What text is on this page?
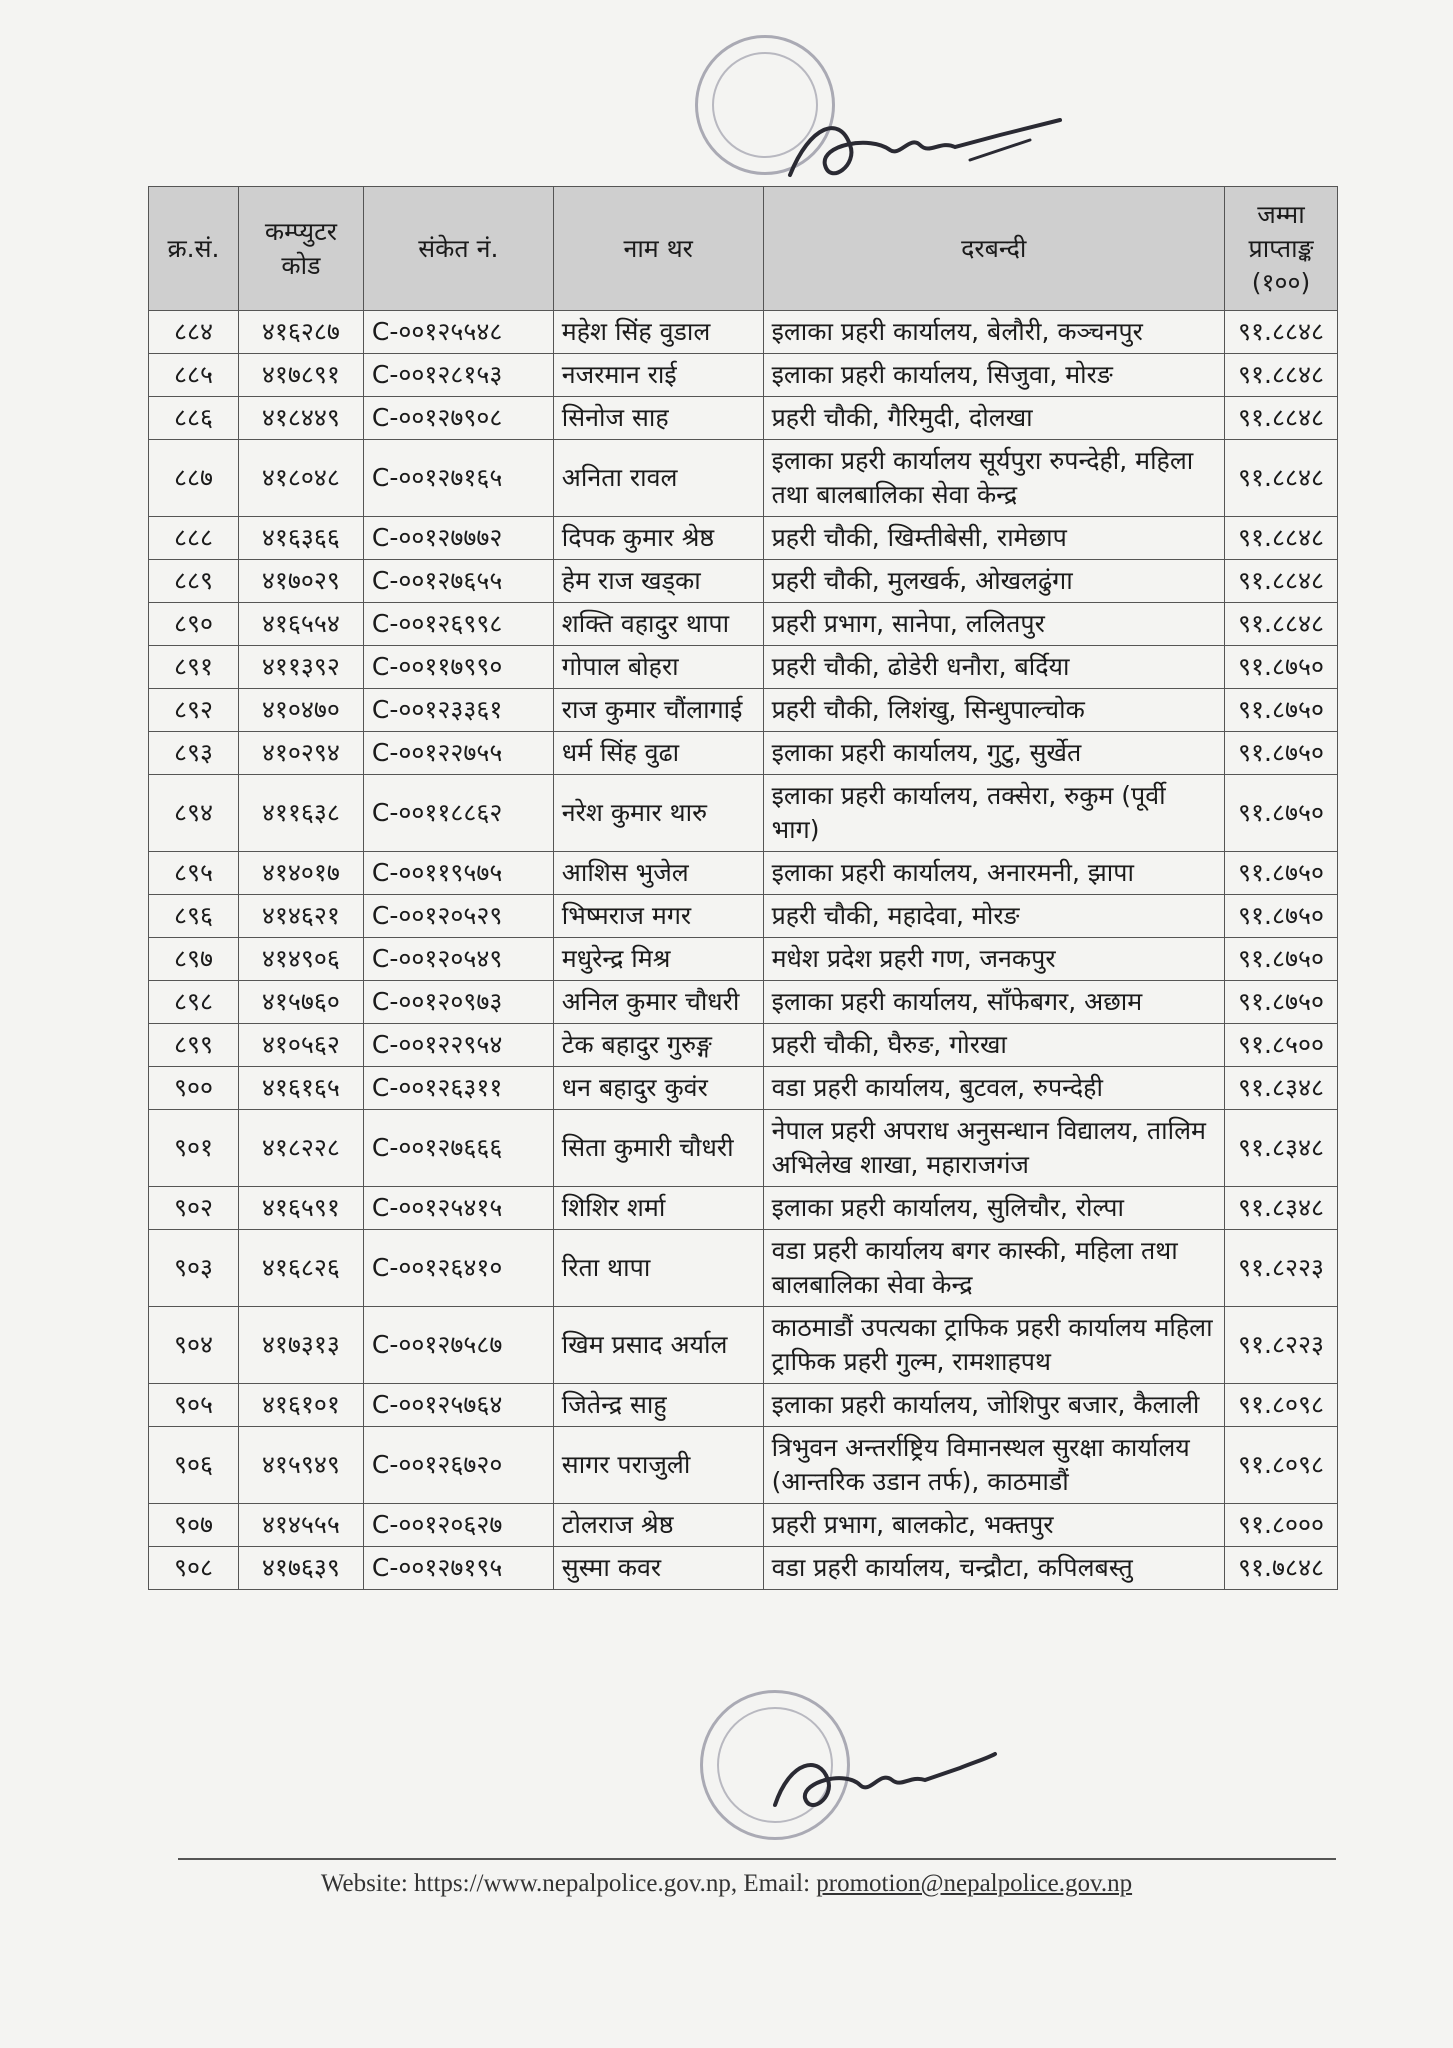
क्र.सं.	कम्प्युटर कोड	संकेत नं.	नाम थर	दरबन्दी	जम्मा प्राप्ताङ्क (१००)
८८४	४१६२८७	C-००१२५५४८	महेश सिंह वुडाल	इलाका प्रहरी कार्यालय, बेलौरी, कञ्चनपुर	९१.८८४८
८८५	४१७८९१	C-००१२८१५३	नजरमान राई	इलाका प्रहरी कार्यालय, सिजुवा, मोरङ	९१.८८४८
८८६	४१८४४९	C-००१२७९०८	सिनोज साह	प्रहरी चौकी, गैरिमुदी, दोलखा	९१.८८४८
८८७	४१८०४८	C-००१२७१६५	अनिता रावल	इलाका प्रहरी कार्यालय सूर्यपुरा रुपन्देही, महिला तथा बालबालिका सेवा केन्द्र	९१.८८४८
८८८	४१६३६६	C-००१२७७७२	दिपक कुमार श्रेष्ठ	प्रहरी चौकी, खिम्तीबेसी, रामेछाप	९१.८८४८
८८९	४१७०२९	C-००१२७६५५	हेम राज खड्का	प्रहरी चौकी, मुलखर्क, ओखलढुंगा	९१.८८४८
८९०	४१६५५४	C-००१२६९९८	शक्ति वहादुर थापा	प्रहरी प्रभाग, सानेपा, ललितपुर	९१.८८४८
८९१	४११३९२	C-००११७९९०	गोपाल बोहरा	प्रहरी चौकी, ढोडेरी धनौरा, बर्दिया	९१.८७५०
८९२	४१०४७०	C-००१२३३६१	राज कुमार चौंलागाई	प्रहरी चौकी, लिशंखु, सिन्धुपाल्चोक	९१.८७५०
८९३	४१०२९४	C-००१२२७५५	धर्म सिंह वुढा	इलाका प्रहरी कार्यालय, गुटु, सुर्खेत	९१.८७५०
८९४	४११६३८	C-००११८८६२	नरेश कुमार थारु	इलाका प्रहरी कार्यालय, तक्सेरा, रुकुम (पूर्वी भाग)	९१.८७५०
८९५	४१४०१७	C-००११९५७५	आशिस भुजेल	इलाका प्रहरी कार्यालय, अनारमनी, झापा	९१.८७५०
८९६	४१४६२१	C-००१२०५२९	भिष्मराज मगर	प्रहरी चौकी, महादेवा, मोरङ	९१.८७५०
८९७	४१४९०६	C-००१२०५४९	मधुरेन्द्र मिश्र	मधेश प्रदेश प्रहरी गण, जनकपुर	९१.८७५०
८९८	४१५७६०	C-००१२०९७३	अनिल कुमार चौधरी	इलाका प्रहरी कार्यालय, साँफेबगर, अछाम	९१.८७५०
८९९	४१०५६२	C-००१२२९५४	टेक बहादुर गुरुङ्ग	प्रहरी चौकी, घैरुङ, गोरखा	९१.८५००
९००	४१६१६५	C-००१२६३११	धन बहादुर कुवंर	वडा प्रहरी कार्यालय, बुटवल, रुपन्देही	९१.८३४८
९०१	४१८२२८	C-००१२७६६६	सिता कुमारी चौधरी	नेपाल प्रहरी अपराध अनुसन्धान विद्यालय, तालिम अभिलेख शाखा, महाराजगंज	९१.८३४८
९०२	४१६५९१	C-००१२५४१५	शिशिर शर्मा	इलाका प्रहरी कार्यालय, सुलिचौर, रोल्पा	९१.८३४८
९०३	४१६८२६	C-००१२६४१०	रिता थापा	वडा प्रहरी कार्यालय बगर कास्की, महिला तथा बालबालिका सेवा केन्द्र	९१.८२२३
९०४	४१७३१३	C-००१२७५८७	खिम प्रसाद अर्याल	काठमाडौं उपत्यका ट्राफिक प्रहरी कार्यालय महिला ट्राफिक प्रहरी गुल्म, रामशाहपथ	९१.८२२३
९०५	४१६१०१	C-००१२५७६४	जितेन्द्र साहु	इलाका प्रहरी कार्यालय, जोशिपुर बजार, कैलाली	९१.८०९८
९०६	४१५९४९	C-००१२६७२०	सागर पराजुली	त्रिभुवन अन्तर्राष्ट्रिय विमानस्थल सुरक्षा कार्यालय (आन्तरिक उडान तर्फ), काठमाडौं	९१.८०९८
९०७	४१४५५५	C-००१२०६२७	टोलराज श्रेष्ठ	प्रहरी प्रभाग, बालकोट, भक्तपुर	९१.८०००
९०८	४१७६३९	C-००१२७१९५	सुस्मा कवर	वडा प्रहरी कार्यालय, चन्द्रौटा, कपिलबस्तु	९१.७८४८
Website: https://www.nepalpolice.gov.np, Email: promotion@nepalpolice.gov.np
